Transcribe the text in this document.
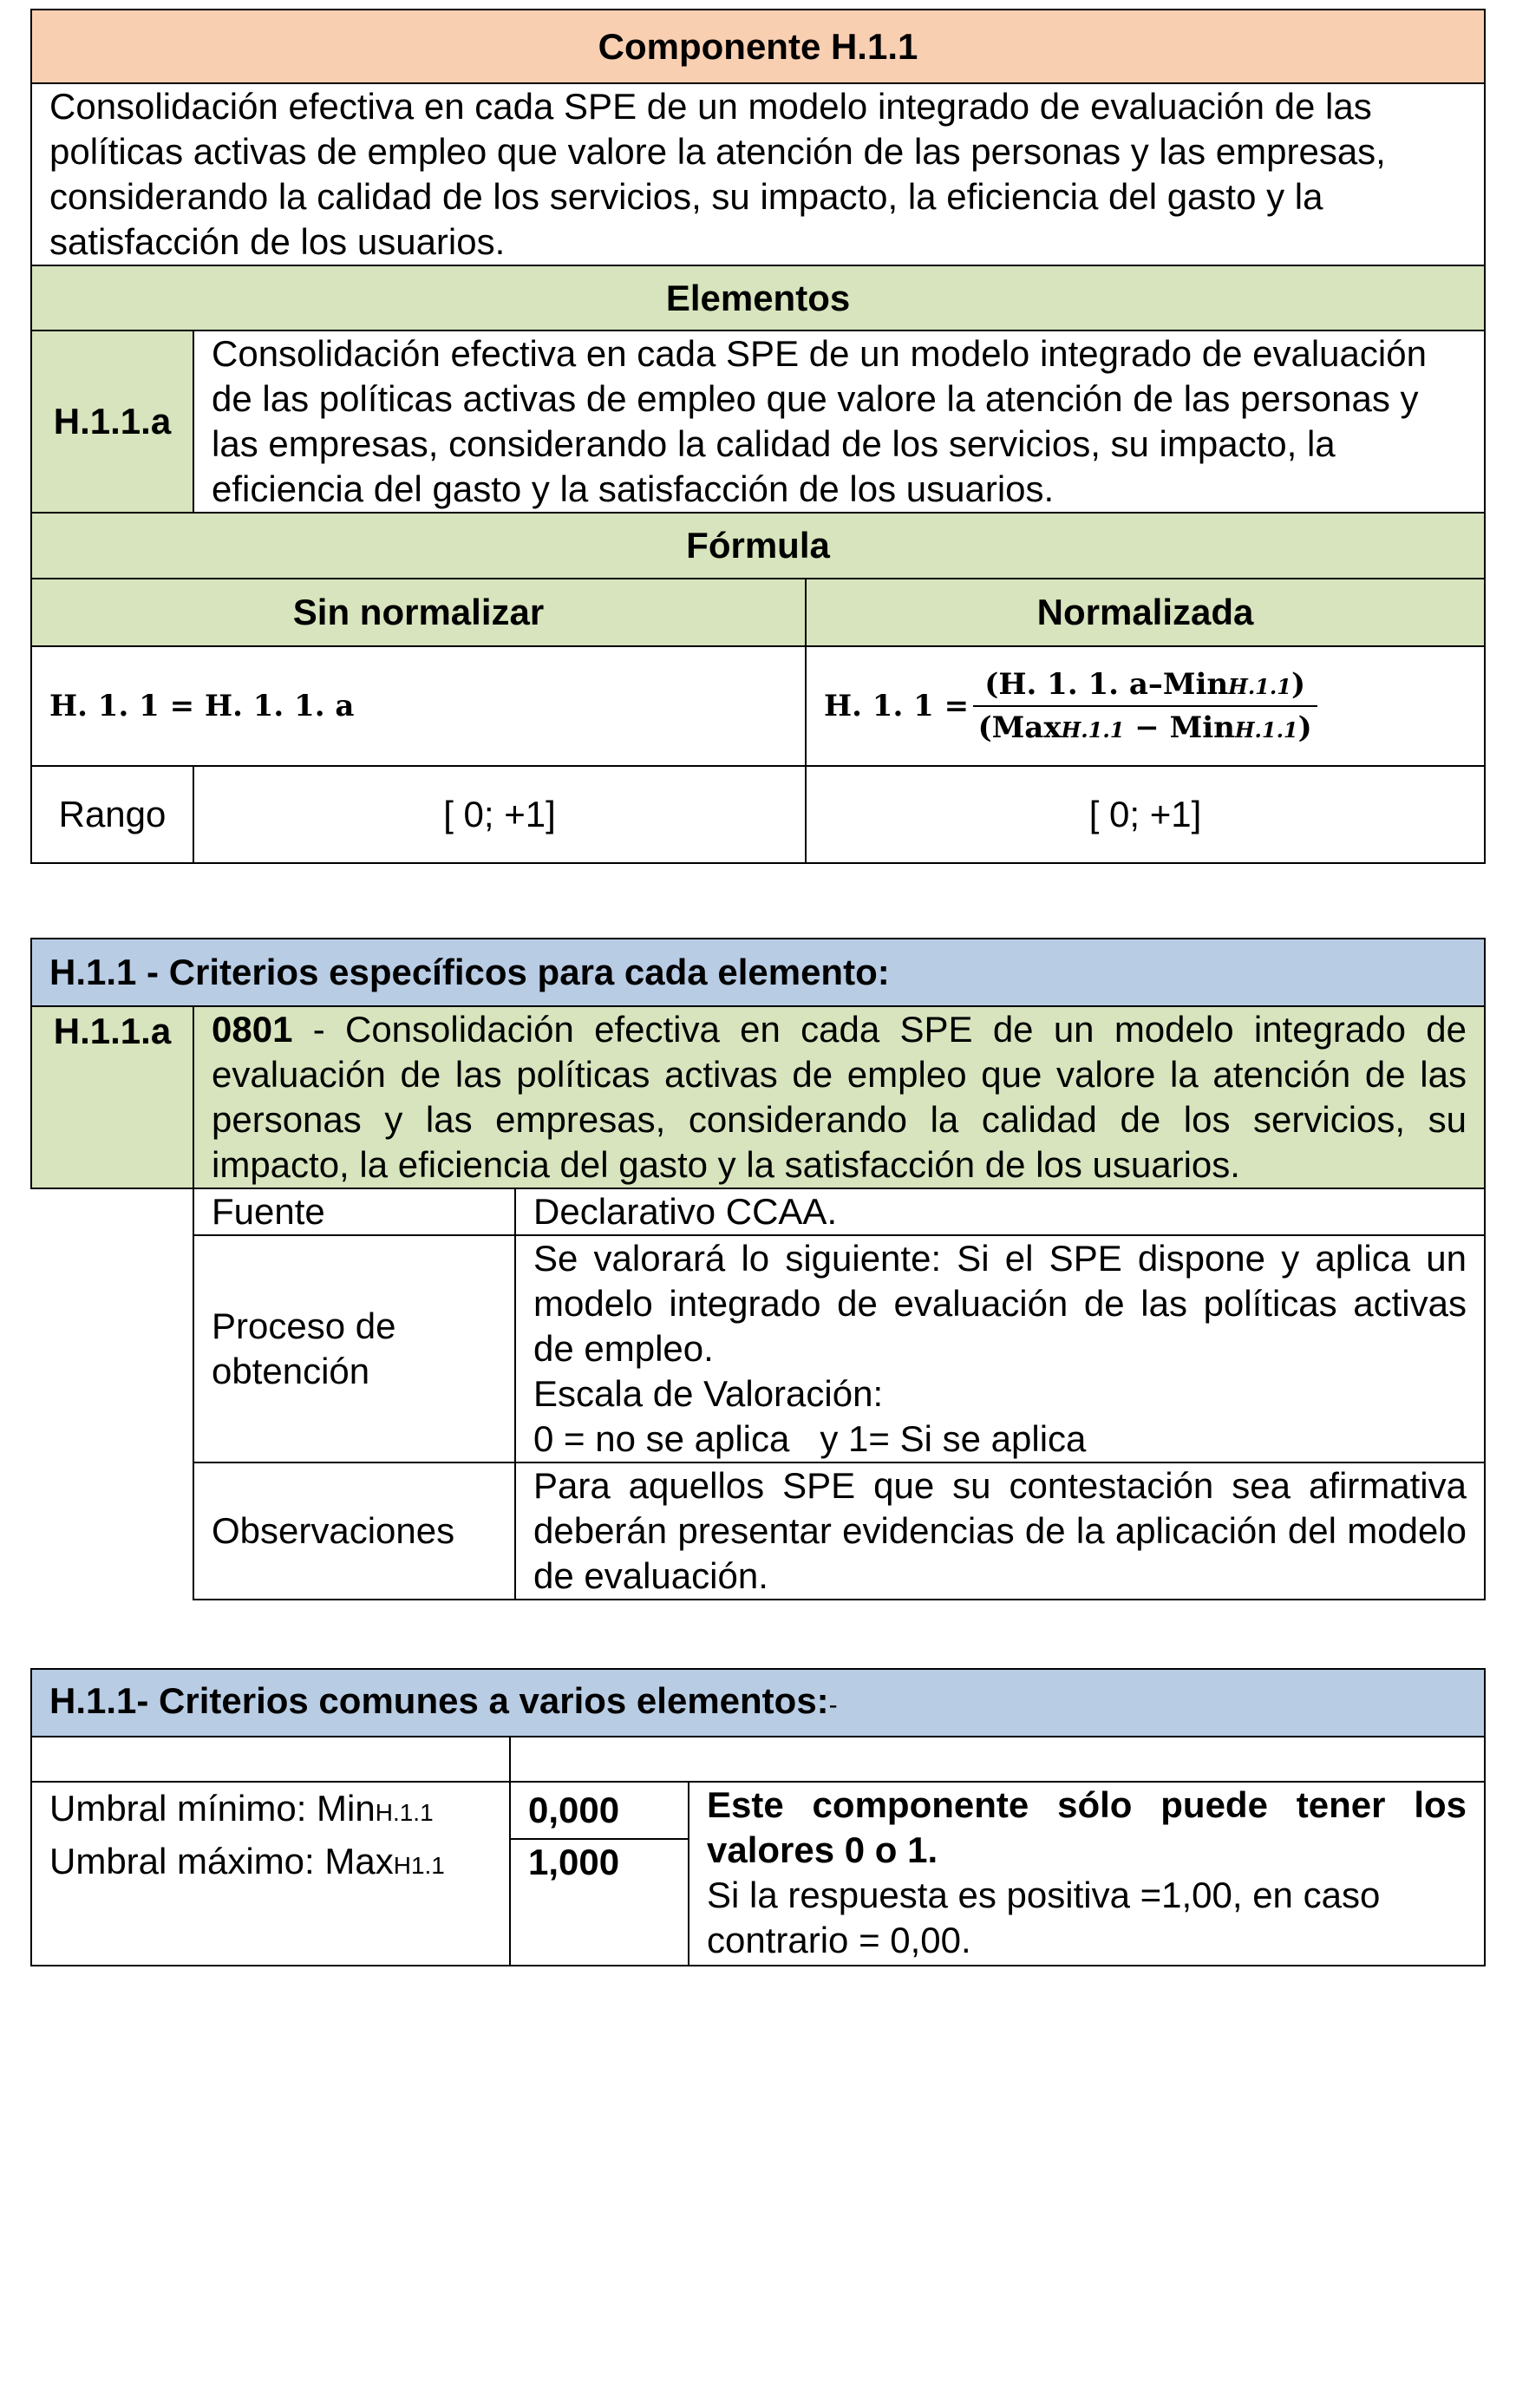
Componente H.1.1		
Consolidación efectiva en cada SPE de un modelo integrado de evaluación de las políticas activas de empleo que valore la atención de las personas y las empresas, considerando la calidad de los servicios, su impacto, la eficiencia del gasto y la satisfacción de los usuarios.		
Elementos		
H.1.1.a	Consolidación efectiva en cada SPE de un modelo integrado de evaluación de las políticas activas de empleo que valore la atención de las personas y las empresas, considerando la calidad de los servicios, su impacto, la eficiencia del gasto y la satisfacción de los usuarios.	
Fórmula		
Sin normalizar		Normalizada
H. 1. 1 = H. 1. 1. a		H. 1. $1 = \frac{\text{(H. 1. 1. a–MinH.1.1)}}{\text{(MaxH.1.1 − MinH.1.1)}}$

Rango	[ 0; +1]	[ 0; +1]
H.1.1 - Criterios específicos para cada elemento:
H.1.1.a	0801 - Consolidación efectiva en cada SPE de un modelo integrado de evaluación de las políticas activas de empleo que valore la atención de las personas y las empresas, considerando la calidad de los servicios, su impacto, la eficiencia del gasto y la satisfacción de los usuarios.
Fuente	Declarativo CCAA.
Proceso de obtención	Se valorará lo siguiente: Si el SPE dispone y aplica un modelo integrado de evaluación de las políticas activas de empleo.
Escala de Valoración:
0 = no se aplica   y 1= Si se aplica

Observaciones	Para aquellos SPE que su contestación sea afirmativa deberán presentar evidencias de la aplicación del modelo de evaluación.
H.1.1- Criterios comunes a varios elementos:-		

Umbral mínimo: MinH.1.1	0,000	Este componente sólo puede tener los valores 0 o 1.
Si la respuesta es positiva =1,00, en caso contrario = 0,00.

Umbral máximo: MaxH1.1	1,000	
